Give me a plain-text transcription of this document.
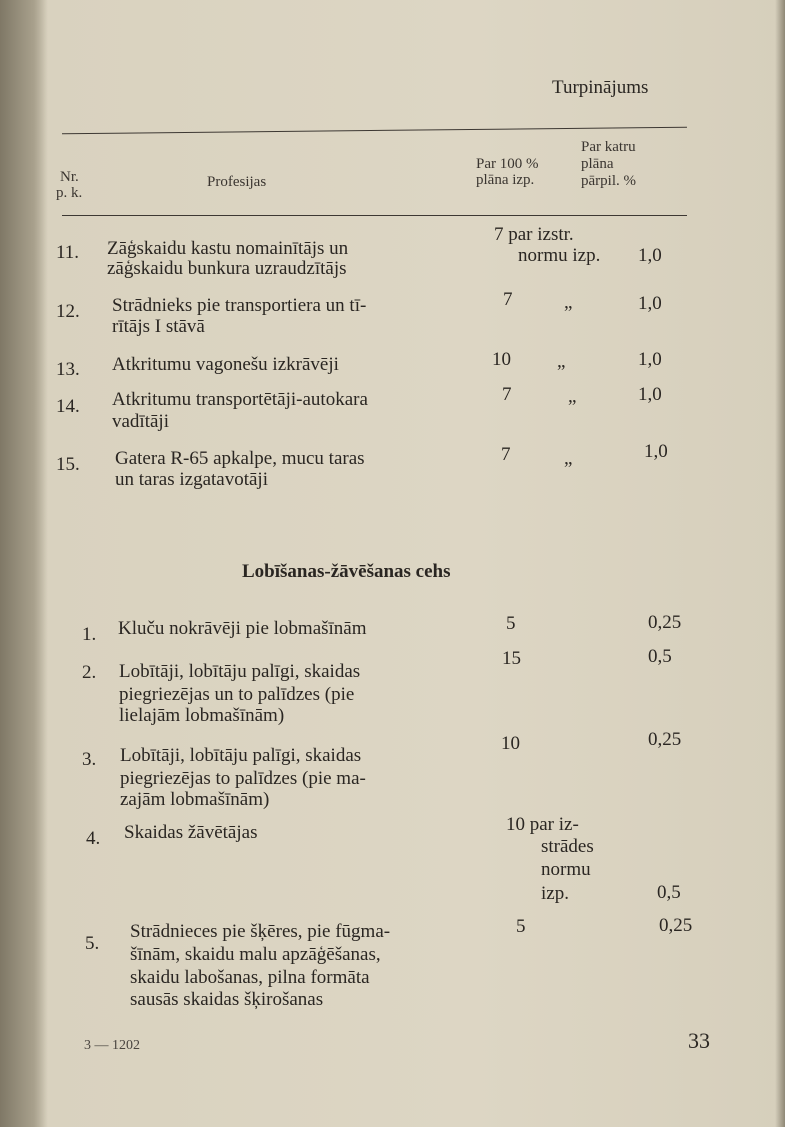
Turpinājums
Nr.
p. k.
Profesijas
Par 100 %
plāna izp.
Par katru
plāna
pārpil. %
11. Zāģskaidu kastu nomainītājs un
zāģskaidu bunkura uzraudzītājs
7 par izstr.
normu izp. 1,0
12. Strādnieks pie transportiera un tī-
rītājs I stāvā
7	„	1,0
13. Atkritumu vagonešu izkrāvēji	10 „	1,0
14. Atkritumu transportētāji-autokara
vadītāji
7	„	1,0
15. Gatera R-65 apkalpe, mucu taras
un taras izgatavotāji
7	„	1,0
Lobīšanas-žāvēšanas cehs
1. Kluču nokrāvēji pie lobmašīnām	5	0,25
2. Lobītāji, lobītāju palīgi, skaidas
piegriezējas un to palīdzes (pie
lielajām lobmašīnām)
15	0,5
3. Lobītāji, lobītāju palīgi, skaidas
piegriezējas to palīdzes (pie ma-
zajām lobmašīnām)
10	0,25
4. Skaidas žāvētājas	10 par iz-
strādes
normu
izp.	0,5
5.
Strādnieces pie šķēres, pie fūgma-
šīnām, skaidu malu apzāģēšanas,
skaidu labošanas, pilna formāta
sausās skaidas šķirošanas
5	0,25
3 — 1202	33
